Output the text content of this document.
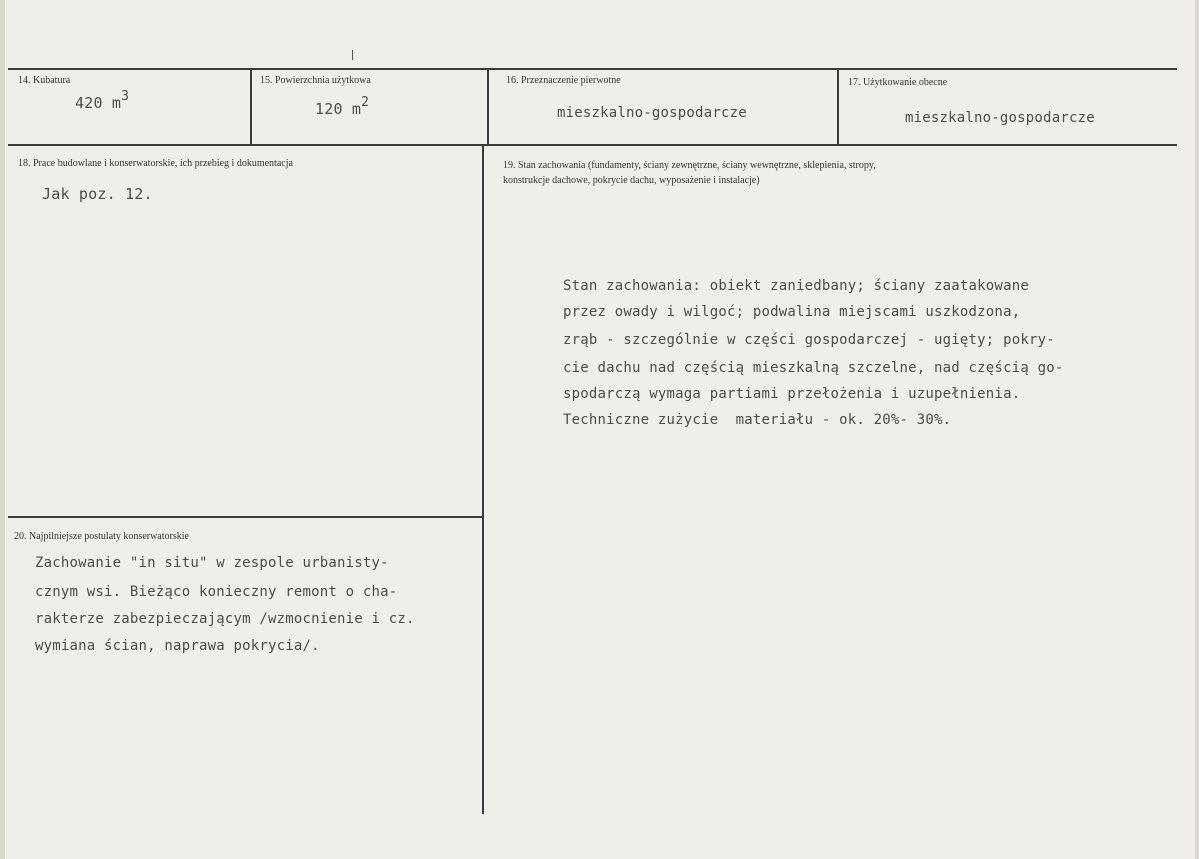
14. Kubatura
420 m3
15. Powierzchnia użytkowa
120 m2
16. Przeznaczenie pierwotne
mieszkalno-gospodarcze
17. Użytkowanie obecne
mieszkalno-gospodarcze
18. Prace budowlane i konserwatorskie, ich przebieg i dokumentacja
Jak poz. 12.
19. Stan zachowania (fundamenty, ściany zewnętrzne, ściany wewnętrzne, sklepienia, stropy,
konstrukcje dachowe, pokrycie dachu, wyposażenie i instalacje)
Stan zachowania: obiekt zaniedbany; ściany zaatakowane
przez owady i wilgoć; podwalina miejscami uszkodzona,
zrąb - szczególnie w części gospodarczej - ugięty; pokry-
cie dachu nad częścią mieszkalną szczelne, nad częścią go-
spodarczą wymaga partiami przełożenia i uzupełnienia.
Techniczne zużycie  materiału - ok. 20%- 30%.
20. Najpilniejsze postulaty konserwatorskie
Zachowanie "in situ" w zespole urbanisty-
cznym wsi. Bieżąco konieczny remont o cha-
rakterze zabezpieczającym /wzmocnienie i cz.
wymiana ścian, naprawa pokrycia/.
